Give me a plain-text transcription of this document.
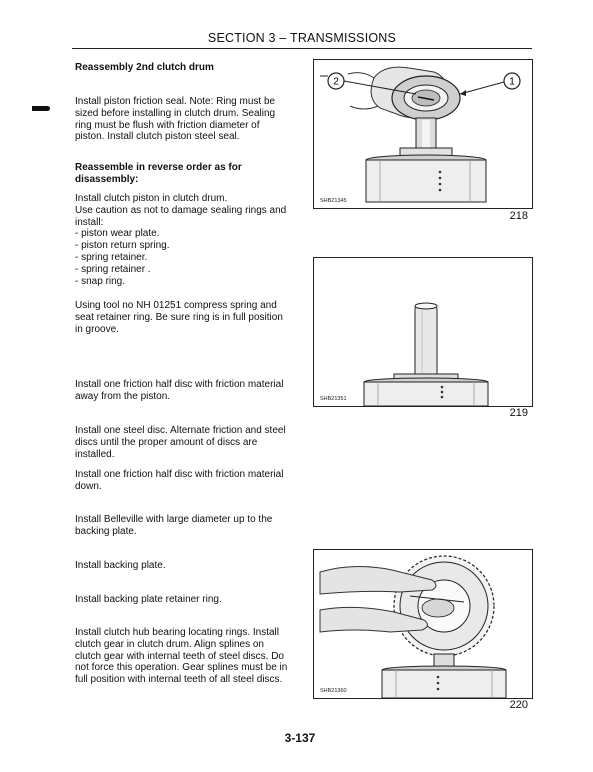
SECTION 3 – TRANSMISSIONS
Reassembly 2nd clutch drum
Install piston friction seal. Note: Ring must be sized before installing in clutch drum. Sealing ring must be flush with friction diameter of piston. Install clutch piston steel seal.
Reassemble in reverse order as for disassembly:
Install clutch piston in clutch drum.
Use caution as not to damage sealing rings and install:
- piston wear plate.
- piston return spring.
- spring retainer.
- spring retainer .
- snap ring.
Using tool no NH 01251 compress spring and seat retainer ring. Be sure ring is in full position in groove.
Install one friction half disc with friction material away from the piston.
Install one steel disc. Alternate friction and steel discs until the proper amount of discs are installed.
Install one friction half disc with friction material down.
Install Belleville with large diameter up to the backing plate.
Install backing plate.
Install backing plate retainer ring.
Install clutch hub bearing locating rings. Install clutch gear in clutch drum. Align splines on clutch gear with internal teeth of steel discs. Do not force this operation. Gear splines must be in full position with internal teeth of all steel discs.
2	1
SHB21345
218
SHB21351
219
SHB21360
220
3-137
